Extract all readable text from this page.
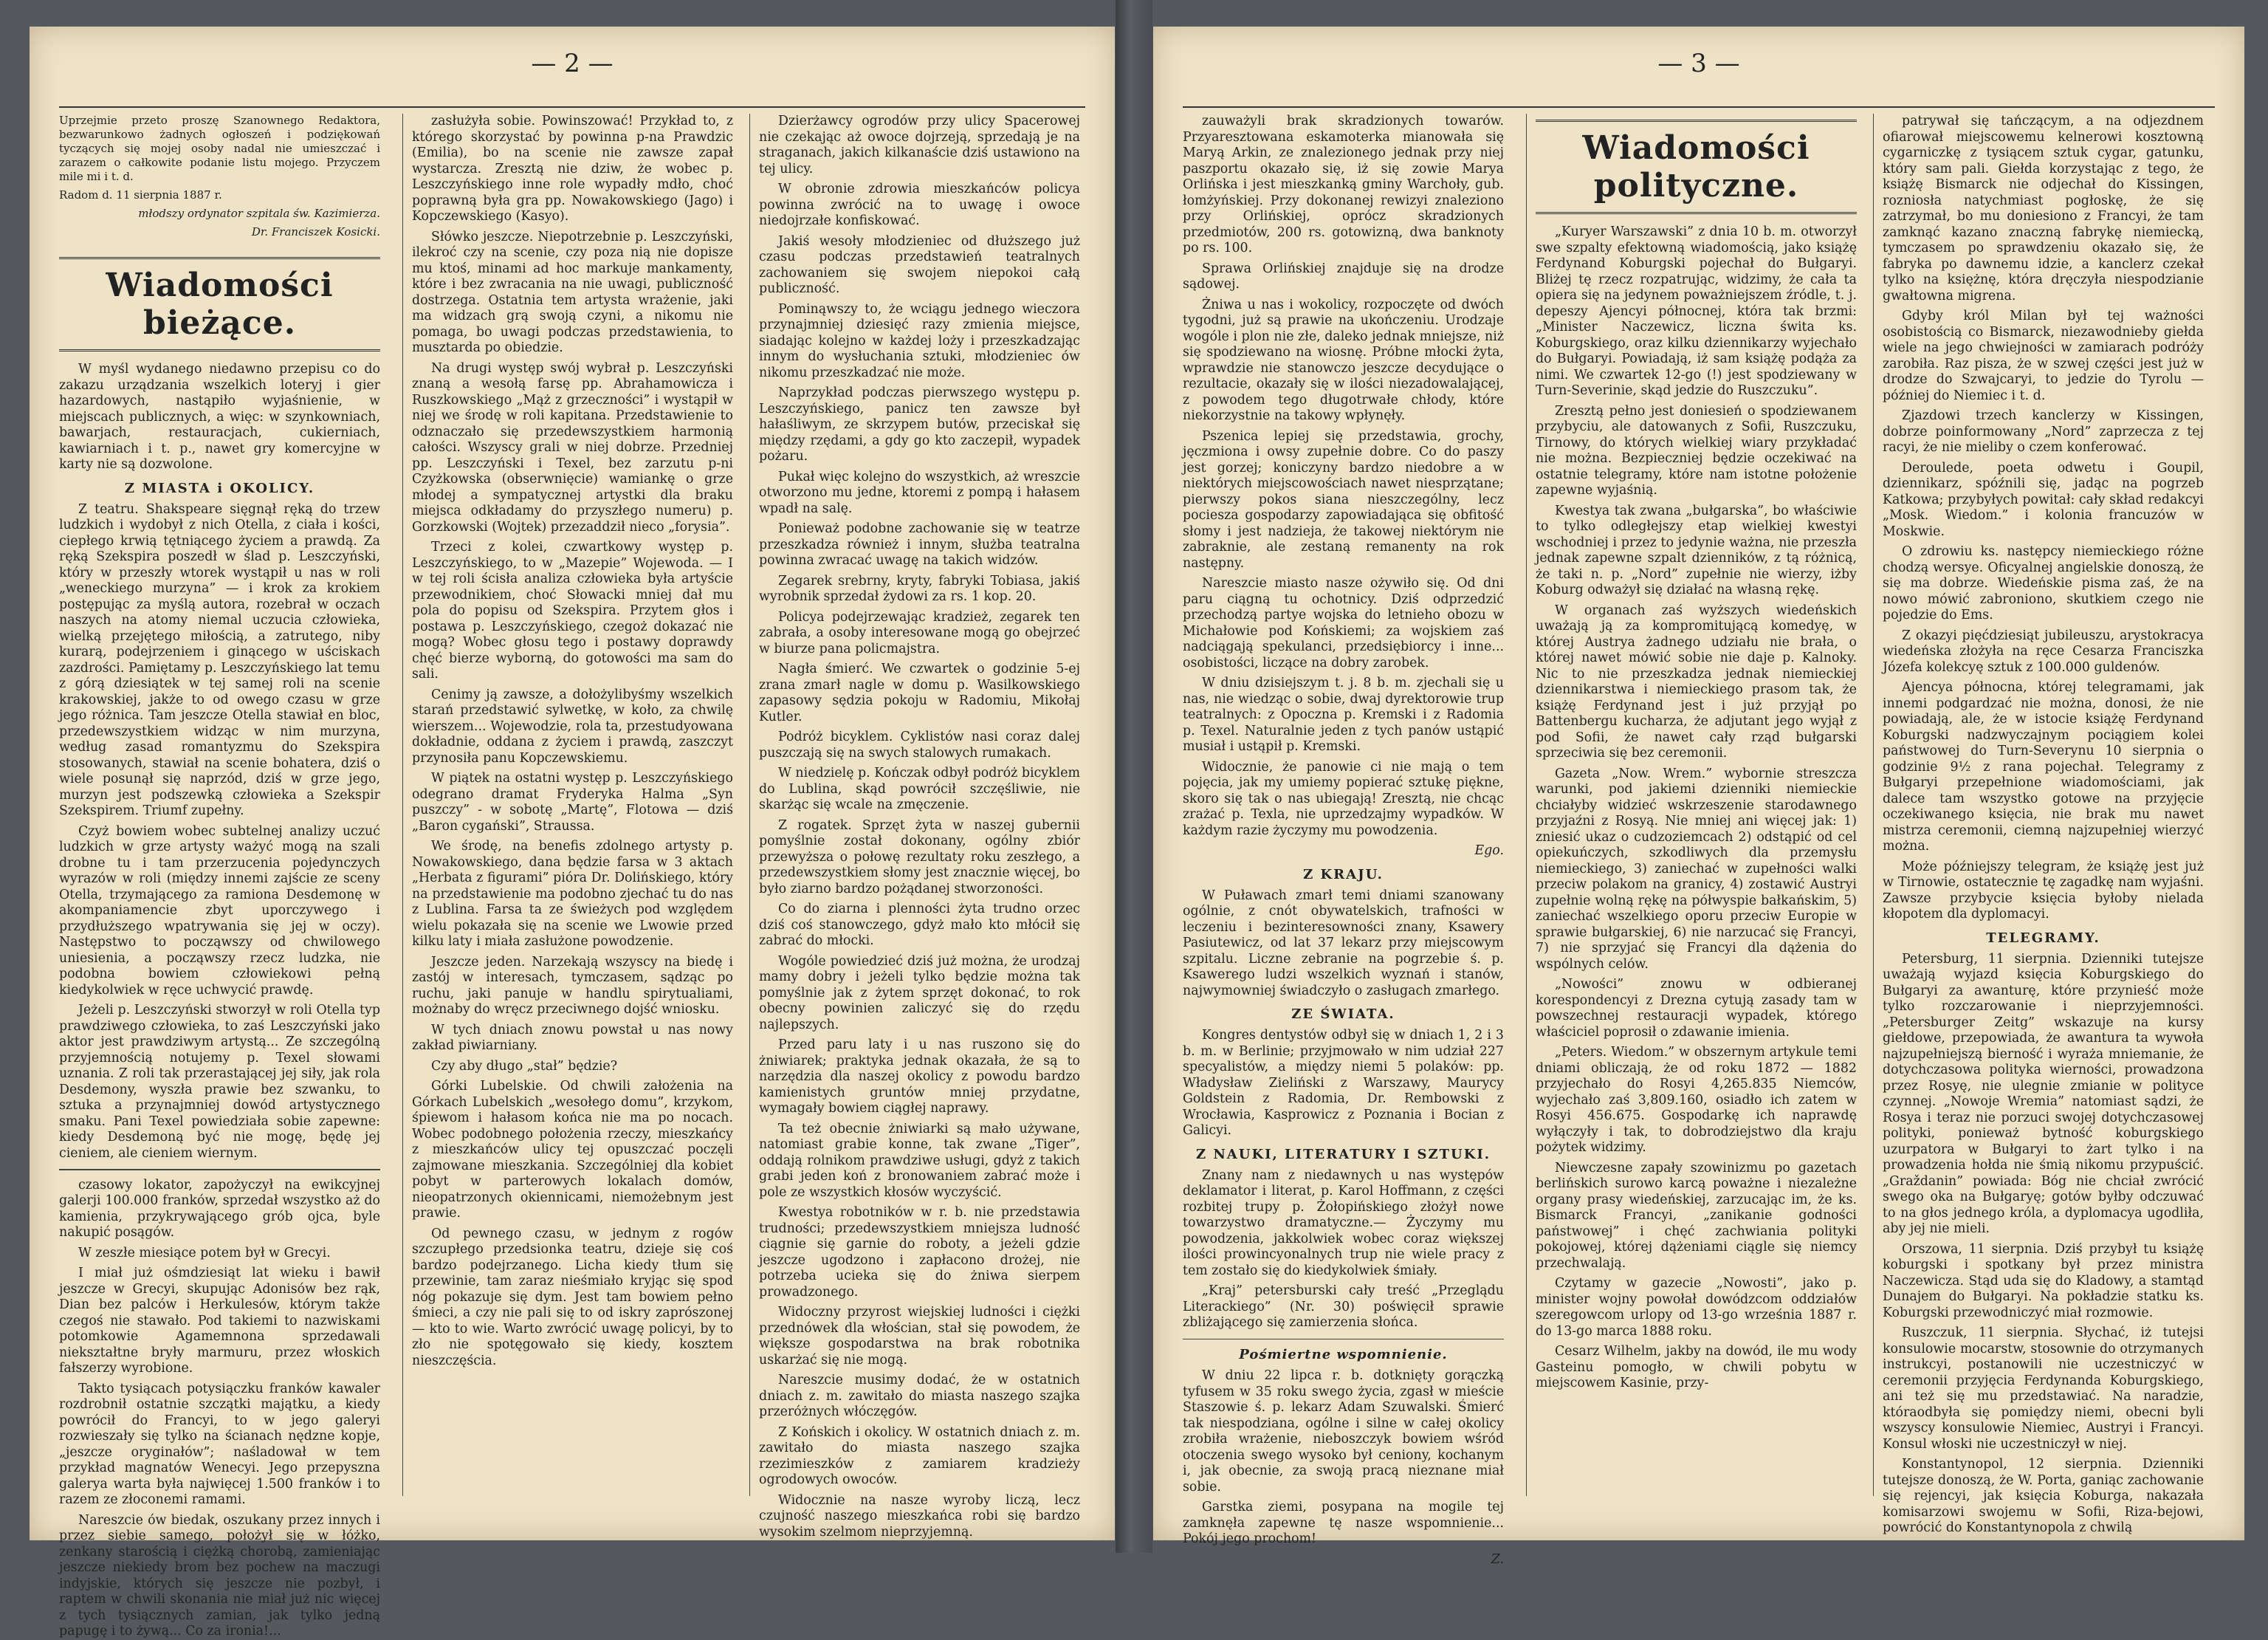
— 2 —

Uprzejmie przeto proszę Szanownego Redaktora, bezwarunkowo żadnych ogłoszeń i podziękowań tyczących się mojej osoby nadal nie umieszczać i zarazem o całkowite podanie listu mojego. Przyczem mile mi i t. d.

Radom d. 11 sierpnia 1887 r.

młodszy ordynator szpitala św. Kazimierza.

Dr. Franciszek Kosicki.

Wiadomości bieżące.

W myśl wydanego niedawno przepisu co do zakazu urządzania wszelkich loteryj i gier hazardowych, nastąpiło wyjaśnienie, w miejscach publicznych, a więc: w szynkowniach, bawarjach, restauracjach, cukierniach, kawiarniach i t. p., nawet gry komercyjne w karty nie są dozwolone.

Z MIASTA i OKOLICY.

Z teatru. Shakspeare sięgnął ręką do trzew ludzkich i wydobył z nich Otella, z ciała i kości, ciepłego krwią tętniącego życiem a prawdą. Za ręką Szekspira poszedł w ślad p. Leszczyński, który w przeszły wtorek wystąpił u nas w roli „weneckiego murzyna” — i krok za krokiem postępując za myślą autora, rozebrał w oczach naszych na atomy niemal uczucia człowieka, wielką przejętego miłością, a zatrutego, niby kurarą, podejrzeniem i ginącego w uściskach zazdrości. Pamiętamy p. Leszczyńskiego lat temu z górą dziesiątek w tej samej roli na scenie krakowskiej, jakże to od owego czasu w grze jego różnica. Tam jeszcze Otella stawiał en bloc, przedewszystkiem widząc w nim murzyna, według zasad romantyzmu do Szekspira stosowanych, stawiał na scenie bohatera, dziś o wiele posunął się naprzód, dziś w grze jego, murzyn jest podszewką człowieka a Szekspir Szekspirem. Triumf zupełny.

Czyż bowiem wobec subtelnej analizy uczuć ludzkich w grze artysty ważyć mogą na szali drobne tu i tam przerzucenia pojedynczych wyrazów w roli (między innemi zajście ze sceny Otella, trzymającego za ramiona Desdemonę w akompaniamencie zbyt uporczywego i przydłuższego wpatrywania się jej w oczy). Następstwo to począwszy od chwilowego uniesienia, a począwszy rzecz ludzka, nie podobna bowiem człowiekowi pełną kiedykolwiek w ręce uchwycić prawdę.

Jeżeli p. Leszczyński stworzył w roli Otella typ prawdziwego człowieka, to zaś Leszczyński jako aktor jest prawdziwym artystą... Ze szczególną przyjemnością notujemy p. Texel słowami uznania. Z roli tak przerastającej jej siły, jak rola Desdemony, wyszła prawie bez szwanku, to sztuka a przynajmniej dowód artystycznego smaku. Pani Texel powiedziała sobie zapewne: kiedy Desdemoną być nie mogę, będę jej cieniem, ale cieniem wiernym.

czasowy lokator, zapożyczył na ewikcyjnej galerji 100.000 franków, sprzedał wszystko aż do kamienia, przykrywającego grób ojca, byle nakupić posągów.

W zeszłe miesiące potem był w Grecyi.

I miał już ośmdziesiąt lat wieku i bawił jeszcze w Grecyi, skupując Adonisów bez rąk, Dian bez palców i Herkulesów, którym także czegoś nie stawało. Pod takiemi to nazwiskami potomkowie Agamemnona sprzedawali niekształtne bryły marmuru, przez włoskich fałszerzy wyrobione.

Takto tysiącach potysiączku franków kawaler rozdrobnił ostatnie szczątki majątku, a kiedy powrócił do Francyi, to w jego galeryi rozwieszały się tylko na ścianach nędzne kopje, „jeszcze oryginałów”; naśladował w tem przykład magnatów Wenecyi. Jego przepyszna galerya warta była najwięcej 1.500 franków i to razem ze złoconemi ramami.

Nareszcie ów biedak, oszukany przez innych i przez siebie samego, położył się w łóżko, zenkany starością i ciężką chorobą, zamieniając jeszcze niekiedy brom bez pochew na maczugi indyjskie, których się jeszcze nie pozbył, i raptem w chwili skonania nie miał już nic więcej z tych tysiącznych zamian, jak tylko jedną papugę i to żywą... Co za ironia!...

zasłużyła sobie. Powinszować! Przykład to, z którego skorzystać by powinna p-na Prawdzic (Emilia), bo na scenie nie zawsze zapał wystarcza. Zresztą nie dziw, że wobec p. Leszczyńskiego inne role wypadły mdło, choć poprawną była gra pp. Nowakowskiego (Jago) i Kopczewskiego (Kasyo).

Słówko jeszcze. Niepotrzebnie p. Leszczyński, ilekroć czy na scenie, czy poza nią nie dopisze mu ktoś, minami ad hoc markuje mankamenty, które i bez zwracania na nie uwagi, publiczność dostrzega. Ostatnia tem artysta wrażenie, jaki ma widzach grą swoją czyni, a nikomu nie pomaga, bo uwagi podczas przedstawienia, to musztarda po obiedzie.

Na drugi występ swój wybrał p. Leszczyński znaną a wesołą farsę pp. Abrahamowicza i Ruszkowskiego „Mąż z grzeczności” i wystąpił w niej we środę w roli kapitana. Przedstawienie to odznaczało się przedewszystkiem harmonią całości. Wszyscy grali w niej dobrze. Przedniej pp. Leszczyński i Texel, bez zarzutu p-ni Czyżkowska (obserwnięcie) wamiankę o grze młodej a sympatycznej artystki dla braku miejsca odkładamy do przyszłego numeru) p. Gorzkowski (Wojtek) przezaddził nieco „forysia”.

Trzeci z kolei, czwartkowy występ p. Leszczyńskiego, to w „Mazepie” Wojewoda. — I w tej roli ścisła analiza człowieka była artyście przewodnikiem, choć Słowacki mniej dał mu pola do popisu od Szekspira. Przytem głos i postawa p. Leszczyńskiego, czegoż dokazać nie mogą? Wobec głosu tego i postawy doprawdy chęć bierze wyborną, do gotowości ma sam do sali.

Cenimy ją zawsze, a dołożylibyśmy wszelkich starań przedstawić sylwetkę, w koło, za chwilę wierszem... Wojewodzie, rola ta, przestudyowana dokładnie, oddana z życiem i prawdą, zaszczyt przynosiła panu Kopczewskiemu.

W piątek na ostatni występ p. Leszczyńskiego odegrano dramat Fryderyka Halma „Syn puszczy” - w sobotę „Martę”, Flotowa — dziś „Baron cygański”, Straussa.

We środę, na benefis zdolnego artysty p. Nowakowskiego, dana będzie farsa w 3 aktach „Herbata z figurami” pióra Dr. Dolińskiego, który na przedstawienie ma podobno zjechać tu do nas z Lublina. Farsa ta ze świeżych pod względem wielu pokazała się na scenie we Lwowie przed kilku laty i miała zasłużone powodzenie.

Jeszcze jeden. Narzekają wszyscy na biedę i zastój w interesach, tymczasem, sądząc po ruchu, jaki panuje w handlu spirytualiami, możnaby do wręcz przeciwnego dojść wniosku.

W tych dniach znowu powstał u nas nowy zakład piwiarniany.

Czy aby długo „stał” będzie?

Górki Lubelskie. Od chwili założenia na Górkach Lubelskich „wesołego domu”, krzykom, śpiewom i hałasom końca nie ma po nocach. Wobec podobnego położenia rzeczy, mieszkańcy z mieszkańców ulicy tej opuszczać poczęli zajmowane mieszkania. Szczególniej dla kobiet pobyt w parterowych lokalach domów, nieopatrzonych okiennicami, niemożebnym jest prawie.

Od pewnego czasu, w jednym z rogów szczupłego przedsionka teatru, dzieje się coś bardzo podejrzanego. Licha kiedy tłum się przewinie, tam zaraz nieśmiało kryjąc się spod nóg pokazuje się dym. Jest tam bowiem pełno śmieci, a czy nie pali się to od iskry zaprószonej — kto to wie. Warto zwrócić uwagę policyi, by to zło nie spotęgowało się kiedy, kosztem nieszczęścia.

Dzierżawcy ogrodów przy ulicy Spacerowej nie czekając aż owoce dojrzeją, sprzedają je na straganach, jakich kilkanaście dziś ustawiono na tej ulicy.

W obronie zdrowia mieszkańców policya powinna zwrócić na to uwagę i owoce niedojrzałe konfiskować.

Jakiś wesoły młodzieniec od dłuższego już czasu podczas przedstawień teatralnych zachowaniem się swojem niepokoi całą publiczność.

Pominąwszy to, że wciągu jednego wieczora przynajmniej dziesięć razy zmienia miejsce, siadając kolejno w każdej loży i przeszkadzając innym do wysłuchania sztuki, młodzieniec ów nikomu przeszkadzać nie może.

Naprzykład podczas pierwszego występu p. Leszczyńskiego, panicz ten zawsze był hałaśliwym, ze skrzypem butów, przeciskał się między rzędami, a gdy go kto zaczepił, wypadek pożaru.

Pukał więc kolejno do wszystkich, aż wreszcie otworzono mu jedne, ktoremi z pompą i hałasem wpadł na salę.

Ponieważ podobne zachowanie się w teatrze przeszkadza również i innym, służba teatralna powinna zwracać uwagę na takich widzów.

Zegarek srebrny, kryty, fabryki Tobiasa, jakiś wyrobnik sprzedał żydowi za rs. 1 kop. 20.

Policya podejrzewając kradzież, zegarek ten zabrała, a osoby interesowane mogą go obejrzeć w biurze pana policmajstra.

Nagła śmierć. We czwartek o godzinie 5-ej zrana zmarł nagle w domu p. Wasilkowskiego zapasowy sędzia pokoju w Radomiu, Mikołaj Kutler.

Podróż bicyklem. Cyklistów nasi coraz dalej puszczają się na swych stalowych rumakach.

W niedzielę p. Kończak odbył podróż bicyklem do Lublina, skąd powrócił szczęśliwie, nie skarżąc się wcale na zmęczenie.

Z rogatek. Sprzęt żyta w naszej gubernii pomyślnie został dokonany, ogólny zbiór przewyższa o połowę rezultaty roku zeszłego, a przedewszystkiem słomy jest znacznie więcej, bo było ziarno bardzo pożądanej stworzoności.

Co do ziarna i plenności żyta trudno orzec dziś coś stanowczego, gdyż mało kto młócił się zabrać do młocki.

Wogóle powiedzieć dziś już można, że urodzaj mamy dobry i jeżeli tylko będzie można tak pomyślnie jak z żytem sprzęt dokonać, to rok obecny powinien zaliczyć się do rzędu najlepszych.

Przed paru laty i u nas ruszono się do żniwiarek; praktyka jednak okazała, że są to narzędzia dla naszej okolicy z powodu bardzo kamienistych gruntów mniej przydatne, wymagały bowiem ciągłej naprawy.

Ta też obecnie żniwiarki są mało używane, natomiast grabie konne, tak zwane „Tiger”, oddają rolnikom prawdziwe usługi, gdyż z takich grabi jeden koń z bronowaniem zabrać może i pole ze wszystkich kłosów wyczyścić.

Kwestya robotników w r. b. nie przedstawia trudności; przedewszystkiem mniejsza ludność ciągnie się garnie do roboty, a jeżeli gdzie jeszcze ugodzono i zapłacono drożej, nie potrzeba ucieka się do żniwa sierpem prowadzonego.

Widoczny przyrost wiejskiej ludności i ciężki przednówek dla włościan, stał się powodem, że większe gospodarstwa na brak robotnika uskarżać się nie mogą.

Nareszcie musimy dodać, że w ostatnich dniach z. m. zawitało do miasta naszego szajka przeróżnych włóczęgów.

Z Końskich i okolicy. W ostatnich dniach z. m. zawitało do miasta naszego szajka rzezimieszków z zamiarem kradzieży ogrodowych owoców.

Widocznie na nasze wyroby liczą, lecz czujność naszego mieszkańca robi się bardzo wysokim szelmom nieprzyjemną.

— 3 —

zauważyli brak skradzionych towarów. Przyaresztowana eskamoterka mianowała się Maryą Arkin, ze znalezionego jednak przy niej paszportu okazało się, iż się zowie Marya Orlińska i jest mieszkanką gminy Warchoły, gub. łomżyńskiej. Przy dokonanej rewizyi znaleziono przy Orlińskiej, oprócz skradzionych przedmiotów, 200 rs. gotowizną, dwa banknoty po rs. 100.

Sprawa Orlińskiej znajduje się na drodze sądowej.

Żniwa u nas i wokolicy, rozpoczęte od dwóch tygodni, już są prawie na ukończeniu. Urodzaje wogóle i plon nie złe, daleko jednak mniejsze, niż się spodziewano na wiosnę. Próbne młocki żyta, wprawdzie nie stanowczo jeszcze decydujące o rezultacie, okazały się w ilości niezadowalającej, z powodem tego długotrwałe chłody, które niekorzystnie na takowy wpłynęły.

Pszenica lepiej się przedstawia, grochy, jęczmiona i owsy zupełnie dobre. Co do paszy jest gorzej; koniczyny bardzo niedobre a w niektórych miejscowościach nawet niesprzątane; pierwszy pokos siana nieszczególny, lecz pociesza gospodarzy zapowiadająca się obfitość słomy i jest nadzieja, że takowej niektórym nie zabraknie, ale zestaną remanenty na rok następny.

Nareszcie miasto nasze ożywiło się. Od dni paru ciągną tu ochotnicy. Dziś odprzedzić przechodzą partye wojska do letnieho obozu w Michałowie pod Końskiemi; za wojskiem zaś nadciągają spekulanci, przedsiębiorcy i inne... osobistości, liczące na dobry zarobek.

W dniu dzisiejszym t. j. 8 b. m. zjechali się u nas, nie wiedząc o sobie, dwaj dyrektorowie trup teatralnych: z Opoczna p. Kremski i z Radomia p. Texel. Naturalnie jeden z tych panów ustąpić musiał i ustąpił p. Kremski.

Widocznie, że panowie ci nie mają o tem pojęcia, jak my umiemy popierać sztukę piękne, skoro się tak o nas ubiegają! Zresztą, nie chcąc zrażać p. Texla, nie uprzedzajmy wypadków. W każdym razie życzymy mu powodzenia.

Ego.

Z KRAJU.

W Puławach zmarł temi dniami szanowany ogólnie, z cnót obywatelskich, trafności w leczeniu i bezinteresowności znany, Ksawery Pasiutewicz, od lat 37 lekarz przy miejscowym szpitalu. Liczne zebranie na pogrzebie ś. p. Ksawerego ludzi wszelkich wyznań i stanów, najwymowniej świadczyło o zasługach zmarłego.

ZE ŚWIATA.

Kongres dentystów odbył się w dniach 1, 2 i 3 b. m. w Berlinie; przyjmowało w nim udział 227 specyalistów, a między niemi 5 polaków: pp. Władysław Zieliński z Warszawy, Maurycy Goldstein z Radomia, Dr. Rembowski z Wrocławia, Kasprowicz z Poznania i Bocian z Galicyi.

Z NAUKI, LITERATURY I SZTUKI.

Znany nam z niedawnych u nas występów deklamator i literat, p. Karol Hoffmann, z części rozbitej trupy p. Żołopińskiego złożył nowe towarzystwo dramatyczne.— Życzymy mu powodzenia, jakkolwiek wobec coraz większej ilości prowincyonalnych trup nie wiele pracy z tem zostało się do kiedykolwiek śmiały.

„Kraj” petersburski cały treść „Przeglądu Literackiego” (Nr. 30) poświęcił sprawie zbliżającego się zamierzenia słońca.

Pośmiertne wspomnienie.

W dniu 22 lipca r. b. dotknięty gorączką tyfusem w 35 roku swego życia, zgasł w mieście Staszowie ś. p. lekarz Adam Szuwalski. Śmierć tak niespodziana, ogólne i silne w całej okolicy zrobiła wrażenie, nieboszczyk bowiem wśród otoczenia swego wysoko był ceniony, kochanym i, jak obecnie, za swoją pracą nieznane miał sobie.

Garstka ziemi, posypana na mogile tej zamknęła zapewne tę nasze wspomnienie... Pokój jego prochom!

Z.

Wiadomości polityczne.

„Kuryer Warszawski” z dnia 10 b. m. otworzył swe szpalty efektowną wiadomością, jako książę Ferdynand Koburgski pojechał do Bułgaryi. Bliżej tę rzecz rozpatrując, widzimy, że cała ta opiera się na jedynem poważniejszem źródle, t. j. depeszy Ajencyi północnej, która tak brzmi: „Minister Naczewicz, liczna świta ks. Koburgskiego, oraz kilku dziennikarzy wyjechało do Bułgaryi. Powiadają, iż sam książę podąża za nimi. We czwartek 12-go (!) jest spodziewany w Turn-Severinie, skąd jedzie do Ruszczuku”.

Zresztą pełno jest doniesień o spodziewanem przybyciu, ale datowanych z Sofii, Ruszczuku, Tirnowy, do których wielkiej wiary przykładać nie można. Bezpieczniej będzie oczekiwać na ostatnie telegramy, które nam istotne położenie zapewne wyjaśnią.

Kwestya tak zwana „bułgarska”, bo właściwie to tylko odległejszy etap wielkiej kwestyi wschodniej i przez to jedynie ważna, nie przeszła jednak zapewne szpalt dzienników, z tą różnicą, że taki n. p. „Nord” zupełnie nie wierzy, iżby Koburg odważył się działać na własną rękę.

W organach zaś wyższych wiedeńskich uważają ją za kompromitującą komedyę, w której Austrya żadnego udziału nie brała, o której nawet mówić sobie nie daje p. Kalnoky. Nic to nie przeszkadza jednak niemieckiej dziennikarstwa i niemieckiego prasom tak, że książę Ferdynand jest i już przyjął po Battenbergu kucharza, że adjutant jego wyjął z pod Sofii, że nawet cały rząd bułgarski sprzeciwia się bez ceremonii.

Gazeta „Now. Wrem.” wybornie streszcza warunki, pod jakiemi dzienniki niemieckie chciałyby widzieć wskrzeszenie starodawnego przyjaźni z Rosyą. Nie mniej ani więcej jak: 1) zniesić ukaz o cudzoziemcach 2) odstąpić od cel opiekuńczych, szkodliwych dla przemysłu niemieckiego, 3) zaniechać w zupełności walki przeciw polakom na granicy, 4) zostawić Austryi zupełnie wolną rękę na półwyspie bałkańskim, 5) zaniechać wszelkiego oporu przeciw Europie w sprawie bułgarskiej, 6) nie narzucać się Francyi, 7) nie sprzyjać się Francyi dla dążenia do wspólnych celów.

„Nowości” znowu w odbieranej korespondencyi z Drezna cytują zasady tam w powszechnej restauracji wypadek, którego właściciel poprosił o zdawanie imienia.

„Peters. Wiedom.” w obszernym artykule temi dniami obliczają, że od roku 1872 — 1882 przyjechało do Rosyi 4,265.835 Niemców, wyjechało zaś 3,809.160, osiadło ich zatem w Rosyi 456.675. Gospodarkę ich naprawdę wyłączyły i tak, to dobrodziejstwo dla kraju pożytek widzimy.

Niewczesne zapały szowinizmu po gazetach berlińskich surowo karcą poważne i niezależne organy prasy wiedeńskiej, zarzucając im, że ks. Bismarck Francyi, „zanikanie godności państwowej” i chęć zachwiania polityki pokojowej, której dążeniami ciągle się niemcy przechwalają.

Czytamy w gazecie „Nowosti”, jako p. minister wojny powołał dowódzcom oddziałów szeregowcom urlopy od 13-go września 1887 r. do 13-go marca 1888 roku.

Cesarz Wilhelm, jakby na dowód, ile mu wody Gasteinu pomogło, w chwili pobytu w miejscowem Kasinie, przy-

patrywał się tańczącym, a na odjezdnem ofiarował miejscowemu kelnerowi kosztowną cygarniczkę z tysiącem sztuk cygar, gatunku, który sam pali. Giełda korzystając z tego, że książę Bismarck nie odjechał do Kissingen, rozniosła natychmiast pogłoskę, że się zatrzymał, bo mu doniesiono z Francyi, że tam zamknąć kazano znaczną fabrykę niemiecką, tymczasem po sprawdzeniu okazało się, że fabryka po dawnemu idzie, a kanclerz czekał tylko na księżnę, która dręczyła niespodzianie gwałtowna migrena.

Gdyby król Milan był tej ważności osobistością co Bismarck, niezawodnieby giełda wiele na jego chwiejności w zamiarach podróży zarobiła. Raz pisza, że w szwej części jest już w drodze do Szwajcaryi, to jedzie do Tyrolu — później do Niemiec i t. d.

Zjazdowi trzech kanclerzy w Kissingen, dobrze poinformowany „Nord” zaprzecza z tej racyi, że nie mieliby o czem konferować.

Deroulede, poeta odwetu i Goupil, dziennikarz, spóźnili się, jadąc na pogrzeb Katkowa; przybyłych powitał: cały skład redakcyi „Mosk. Wiedom.” i kolonia francuzów w Moskwie.

O zdrowiu ks. następcy niemieckiego różne chodzą wersye. Oficyalnej angielskie donoszą, że się ma dobrze. Wiedeńskie pisma zaś, że na nowo mówić zabroniono, skutkiem czego nie pojedzie do Ems.

Z okazyi pięćdziesiąt jubileuszu, arystokracya wiedeńska złożyła na ręce Cesarza Franciszka Józefa kolekcyę sztuk z 100.000 guldenów.

Ajencya północna, której telegramami, jak innemi podgardzać nie można, donosi, że nie powiadają, ale, że w istocie książę Ferdynand Koburgski nadzwyczajnym pociągiem kolei państwowej do Turn-Severynu 10 sierpnia o godzinie 9½ z rana pojechał. Telegramy z Bułgaryi przepełnione wiadomościami, jak dalece tam wszystko gotowe na przyjęcie oczekiwanego księcia, nie brak mu nawet mistrza ceremonii, ciemną najzupełniej wierzyć można.

Może późniejszy telegram, że książę jest już w Tirnowie, ostatecznie tę zagadkę nam wyjaśni. Zawsze przybycie księcia byłoby nielada kłopotem dla dyplomacyi.

TELEGRAMY.

Petersburg, 11 sierpnia. Dzienniki tutejsze uważają wyjazd księcia Koburgskiego do Bułgaryi za awanturę, które przynieść może tylko rozczarowanie i nieprzyjemności. „Petersburger Zeitg” wskazuje na kursy giełdowe, przepowiada, że awantura ta wywoła najzupełniejszą bierność i wyraża mniemanie, że dotychczasowa polityka wierności, prowadzona przez Rosyę, nie ulegnie zmianie w polityce czynnej. „Nowoje Wremia” natomiast sądzi, że Rosya i teraz nie porzuci swojej dotychczasowej polityki, ponieważ bytność koburgskiego uzurpatora w Bułgaryi to żart tylko i na prowadzenia hołda nie śmią nikomu przypuścić. „Graždanin” powiada: Bóg nie chciał zwrócić swego oka na Bułgaryę; gotów byłby odczuwać to na głos jednego króla, a dyplomacya ugodliła, aby jej nie mieli.

Orszowa, 11 sierpnia. Dziś przybył tu książę koburgski i spotkany był przez ministra Naczewicza. Stąd uda się do Kladowy, a stamtąd Dunajem do Bułgaryi. Na pokładzie statku ks. Koburgski przewodniczyć miał rozmowie.

Ruszczuk, 11 sierpnia. Słychać, iż tutejsi konsulowie mocarstw, stosownie do otrzymanych instrukcyi, postanowili nie uczestniczyć w ceremonii przyjęcia Ferdynanda Koburgskiego, ani też się mu przedstawiać. Na naradzie, któraodbyła się pomiędzy niemi, obecni byli wszyscy konsulowie Niemiec, Austryi i Francyi. Konsul włoski nie uczestniczył w niej.

Konstantynopol, 12 sierpnia. Dzienniki tutejsze donoszą, że W. Porta, ganiąc zachowanie się rejencyi, jak księcia Koburga, nakazała komisarzowi swojemu w Sofii, Riza-bejowi, powrócić do Konstantynopola z chwilą
